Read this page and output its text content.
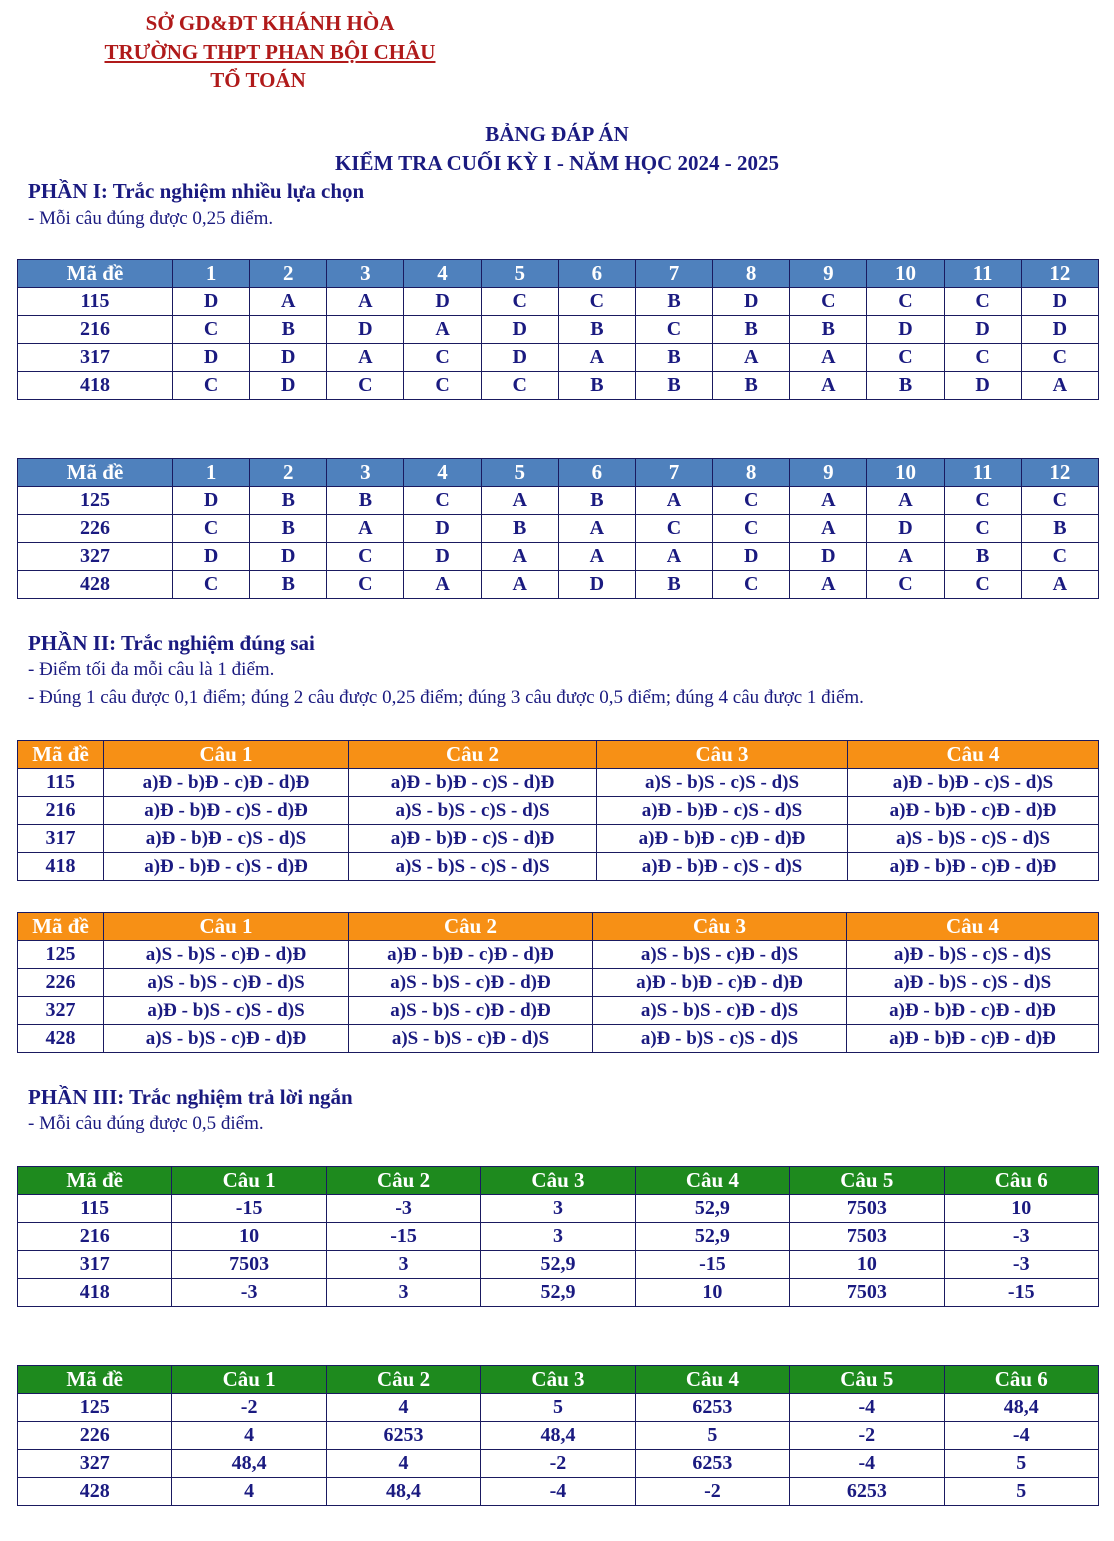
SỞ GD&ĐT KHÁNH HÒA
TRƯỜNG THPT PHAN BỘI CHÂU
TỔ TOÁN
BẢNG ĐÁP ÁN
KIỂM TRA CUỐI KỲ I - NĂM HỌC 2024 - 2025
PHẦN I: Trắc nghiệm nhiều lựa chọn
- Mỗi câu đúng được 0,25 điểm.
Mã đề	1	2	3	4	5	6	7	8	9	10	11	12
115	D	A	A	D	C	C	B	D	C	C	C	D
216	C	B	D	A	D	B	C	B	B	D	D	D
317	D	D	A	C	D	A	B	A	A	C	C	C
418	C	D	C	C	C	B	B	B	A	B	D	A
Mã đề	1	2	3	4	5	6	7	8	9	10	11	12
125	D	B	B	C	A	B	A	C	A	A	C	C
226	C	B	A	D	B	A	C	C	A	D	C	B
327	D	D	C	D	A	A	A	D	D	A	B	C
428	C	B	C	A	A	D	B	C	A	C	C	A
PHẦN II: Trắc nghiệm đúng sai
- Điểm tối đa mỗi câu là 1 điểm.
- Đúng 1 câu được 0,1 điểm; đúng 2 câu được 0,25 điểm; đúng 3 câu được 0,5 điểm; đúng 4 câu được 1 điểm.
Mã đề	Câu 1	Câu 2	Câu 3	Câu 4
115	a)Đ - b)Đ - c)Đ - d)Đ	a)Đ - b)Đ - c)S - d)Đ	a)S - b)S - c)S - d)S	a)Đ - b)Đ - c)S - d)S
216	a)Đ - b)Đ - c)S - d)Đ	a)S - b)S - c)S - d)S	a)Đ - b)Đ - c)S - d)S	a)Đ - b)Đ - c)Đ - d)Đ
317	a)Đ - b)Đ - c)S - d)S	a)Đ - b)Đ - c)S - d)Đ	a)Đ - b)Đ - c)Đ - d)Đ	a)S - b)S - c)S - d)S
418	a)Đ - b)Đ - c)S - d)Đ	a)S - b)S - c)S - d)S	a)Đ - b)Đ - c)S - d)S	a)Đ - b)Đ - c)Đ - d)Đ
Mã đề	Câu 1	Câu 2	Câu 3	Câu 4
125	a)S - b)S - c)Đ - d)Đ	a)Đ - b)Đ - c)Đ - d)Đ	a)S - b)S - c)Đ - d)S	a)Đ - b)S - c)S - d)S
226	a)S - b)S - c)Đ - d)S	a)S - b)S - c)Đ - d)Đ	a)Đ - b)Đ - c)Đ - d)Đ	a)Đ - b)S - c)S - d)S
327	a)Đ - b)S - c)S - d)S	a)S - b)S - c)Đ - d)Đ	a)S - b)S - c)Đ - d)S	a)Đ - b)Đ - c)Đ - d)Đ
428	a)S - b)S - c)Đ - d)Đ	a)S - b)S - c)Đ - d)S	a)Đ - b)S - c)S - d)S	a)Đ - b)Đ - c)Đ - d)Đ
PHẦN III: Trắc nghiệm trả lời ngắn
- Mỗi câu đúng được 0,5 điểm.
Mã đề	Câu 1	Câu 2	Câu 3	Câu 4	Câu 5	Câu 6
115	-15	-3	3	52,9	7503	10
216	10	-15	3	52,9	7503	-3
317	7503	3	52,9	-15	10	-3
418	-3	3	52,9	10	7503	-15
Mã đề	Câu 1	Câu 2	Câu 3	Câu 4	Câu 5	Câu 6
125	-2	4	5	6253	-4	48,4
226	4	6253	48,4	5	-2	-4
327	48,4	4	-2	6253	-4	5
428	4	48,4	-4	-2	6253	5
